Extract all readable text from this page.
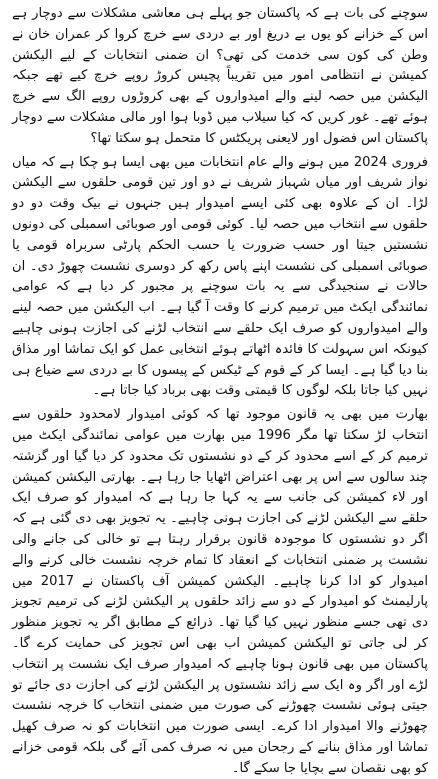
سوچنے کی بات ہے کہ پاکستان جو پہلے ہی معاشی مشکلات سے دوچار ہے اس کے خزانے کو یوں بے دریغ اور بے دردی سے خرچ کروا کر عمران خان نے وطن کی کون سی خدمت کی تھی؟ ان ضمنی انتخابات کے لیے الیکشن کمیشن نے انتظامی امور میں تقریباً پچیس کروڑ روپے خرچ کیے تھے جبکہ الیکشن میں حصہ لینے والے امیدواروں کے بھی کروڑوں روپے الگ سے خرچ ہوئے تھے۔ غور کریں کہ کیا سیلاب میں ڈوبا ہوا اور مالی مشکلات سے دوچار پاکستان اس فضول اور لایعنی پریکٹس کا متحمل ہو سکتا تھا؟

فروری 2024 میں ہونے والے عام انتخابات میں بھی ایسا ہو چکا ہے کہ میاں نواز شریف اور میاں شہباز شریف نے دو اور تین قومی حلقوں سے الیکشن لڑا۔ ان کے علاوہ بھی کئی ایسے امیدوار ہیں جنہوں نے بیک وقت دو دو حلقوں سے انتخاب میں حصہ لیا۔ کوئی قومی اور صوبائی اسمبلی کی دونوں نشستیں جیتا اور حسب ضرورت یا حسب الحکم پارٹی سربراہ قومی یا صوبائی اسمبلی کی نشست اپنے پاس رکھ کر دوسری نشست چھوڑ دی۔ ان حالات نے سنجیدگی سے یہ بات سوچنے پر مجبور کر دیا ہے کہ عوامی نمائندگی ایکٹ میں ترمیم کرنے کا وقت آ گیا ہے۔ اب الیکشن میں حصہ لینے والے امیدواروں کو صرف ایک حلقے سے انتخاب لڑنے کی اجازت ہونی چاہیے کیونکہ اس سہولت کا فائدہ اٹھاتے ہوئے انتخابی عمل کو ایک تماشا اور مذاق بنا دیا گیا ہے۔ ایسا کر کے قوم کے ٹیکس کے پیسوں کا بے دردی سے ضیاع ہی نہیں کیا جاتا بلکہ لوگوں کا قیمتی وقت بھی برباد کیا جاتا ہے۔

بھارت میں بھی یہ قانون موجود تھا کہ کوئی امیدوار لامحدود حلقوں سے انتخاب لڑ سکتا تھا مگر 1996 میں بھارت میں عوامی نمائندگی ایکٹ میں ترمیم کر کے اسے محدود کر کے دو نشستوں تک محدود کر دیا گیا اور گزشتہ چند سالوں سے اس پر بھی اعتراض اٹھایا جا رہا ہے۔ بھارتی الیکشن کمیشن اور لاء کمیشن کی جانب سے یہ کہا جا رہا ہے کہ امیدوار کو صرف ایک حلقے سے الیکشن لڑنے کی اجازت ہونی چاہیے۔ یہ تجویز بھی دی گئی ہے کہ اگر دو نشستوں کا موجودہ قانون برقرار رہتا ہے تو خالی کی جانے والی نشست پر ضمنی انتخابات کے انعقاد کا تمام خرچہ نشست خالی کرنے والے امیدوار کو ادا کرنا چاہیے۔ الیکشن کمیشن آف پاکستان نے 2017 میں پارلیمنٹ کو امیدوار کے دو سے زائد حلقوں پر الیکشن لڑنے کی ترمیم تجویز دی تھی جسے منظور نہیں کیا گیا تھا۔ ذرائع کے مطابق اگر یہ تجویز منظور کر لی جاتی تو الیکشن کمیشن اب بھی اس تجویز کی حمایت کرے گا۔ پاکستان میں بھی قانون ہونا چاہیے کہ امیدوار صرف ایک نشست پر انتخاب لڑے اور اگر وہ ایک سے زائد نشستوں پر الیکشن لڑنے کی اجازت دی جائے تو جیتی ہوئی نشست چھوڑنے کی صورت میں ضمنی انتخاب کا خرچہ نشست چھوڑنے والا امیدوار ادا کرے۔ ایسی صورت میں انتخابات کو نہ صرف کھیل تماشا اور مذاق بنانے کے رجحان میں نہ صرف کمی آئے گی بلکہ قومی خزانے کو بھی نقصان سے بچایا جا سکے گا۔
